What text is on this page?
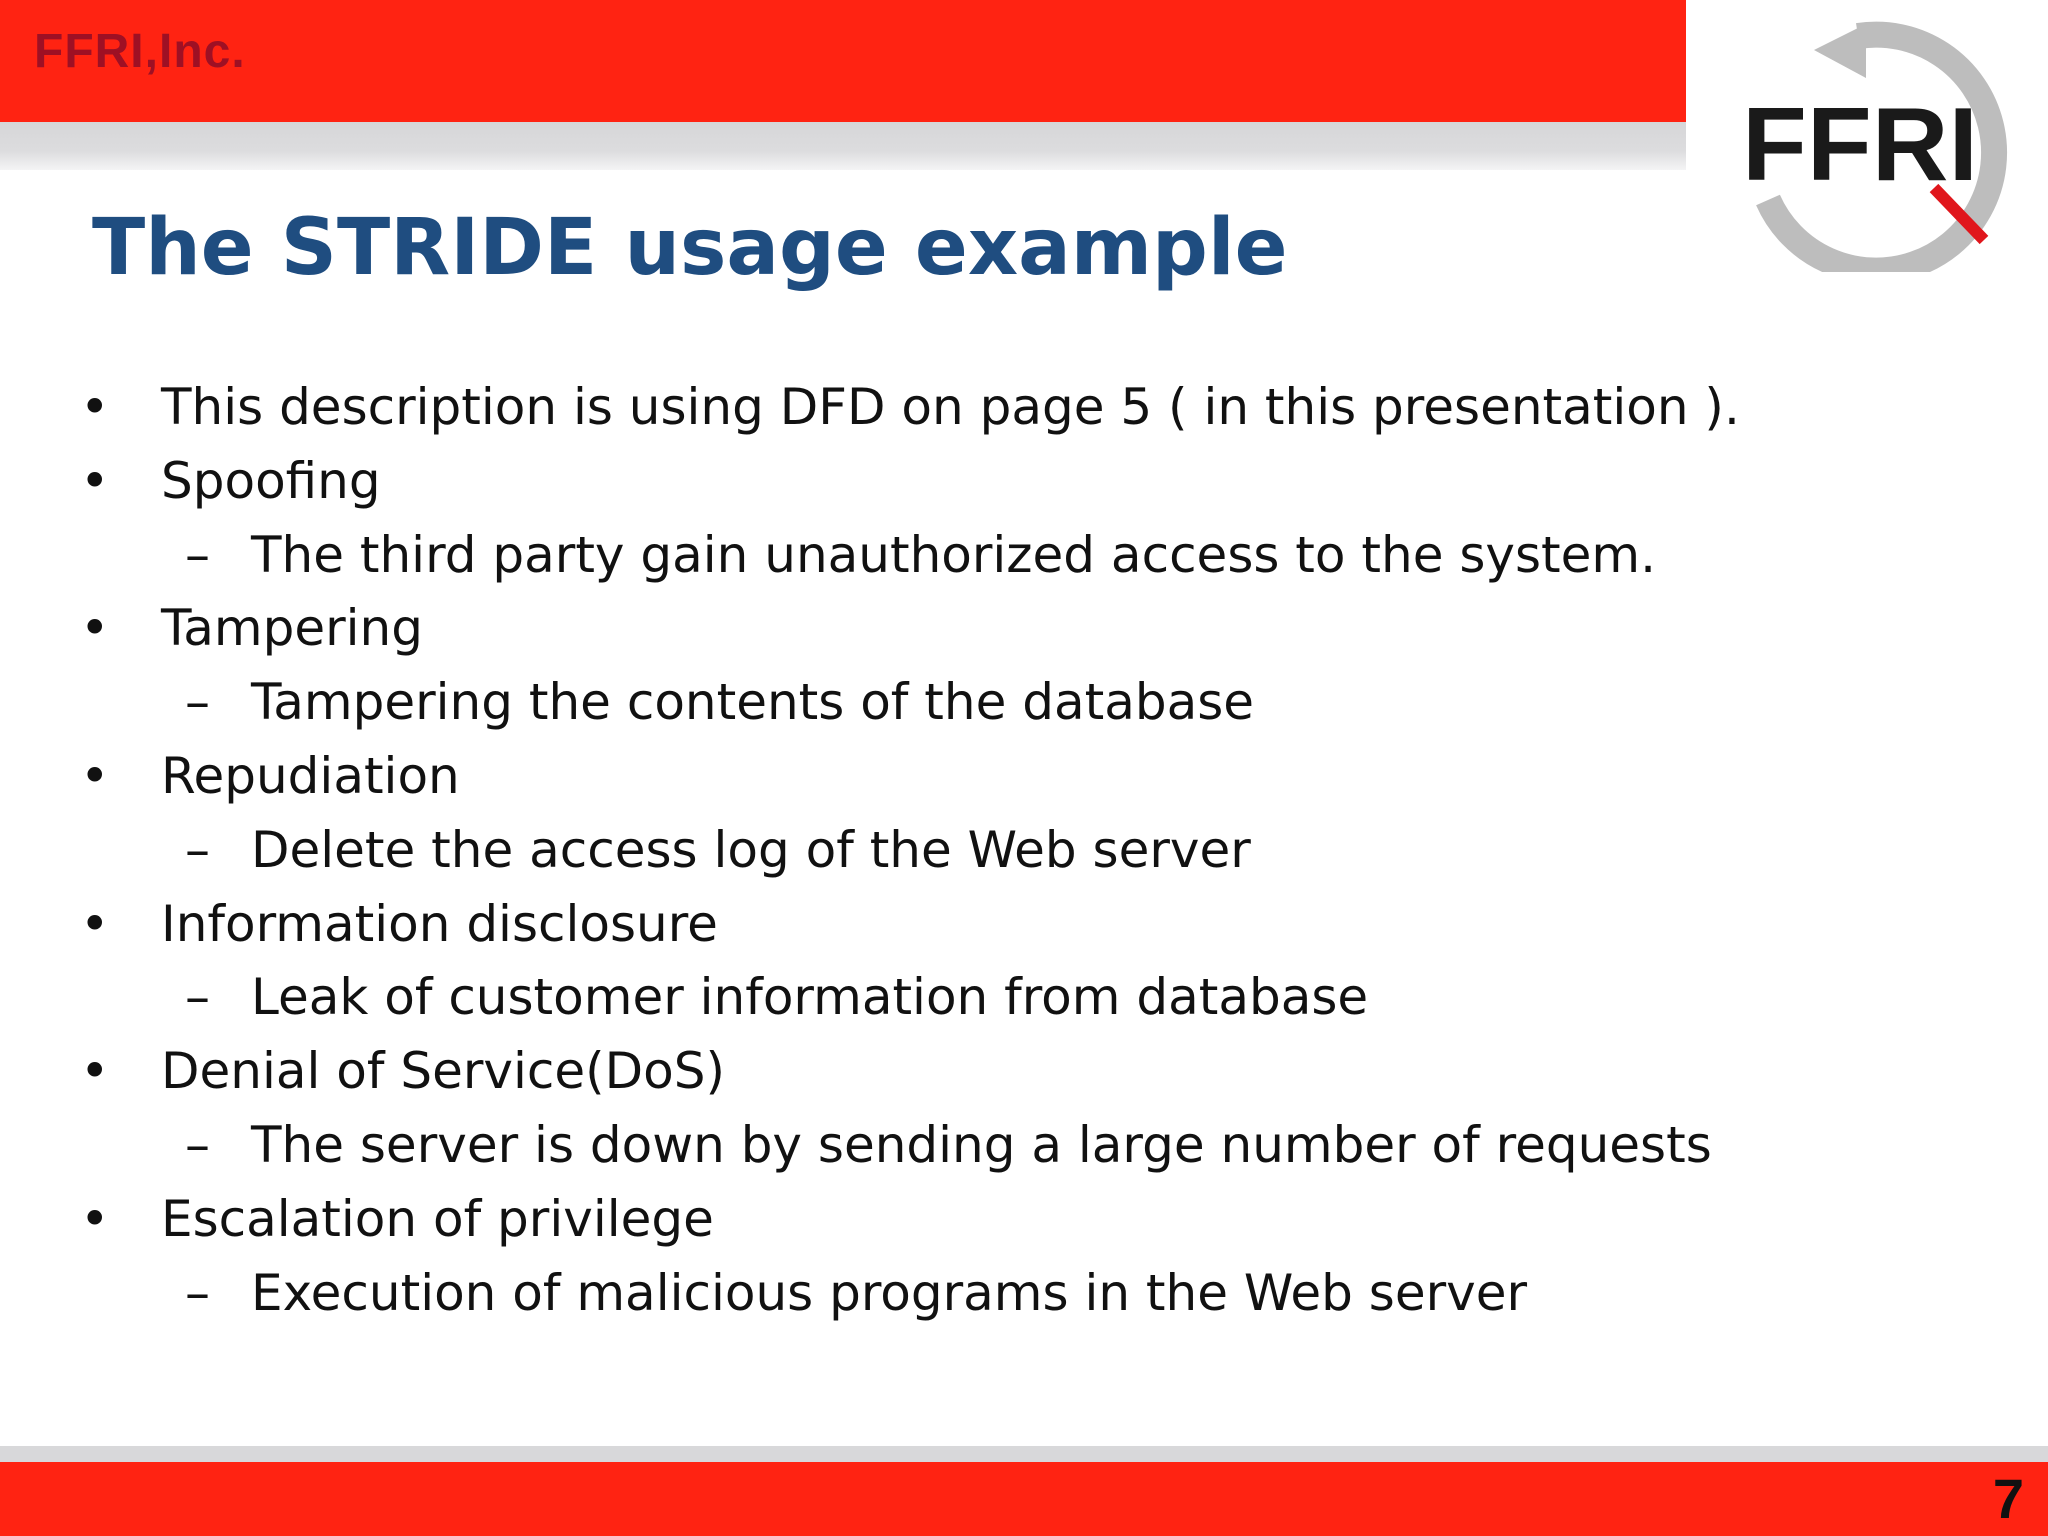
FFRI,Inc.
FFRI
The STRIDE usage example
• This description is using DFD on page 5 ( in this presentation ).
• Spoofing
– The third party gain unauthorized access to the system.
• Tampering
– Tampering the contents of the database
• Repudiation
– Delete the access log of the Web server
• Information disclosure
– Leak of customer information from database
• Denial of Service(DoS)
– The server is down by sending a large number of requests
• Escalation of privilege
– Execution of malicious programs in the Web server
7
